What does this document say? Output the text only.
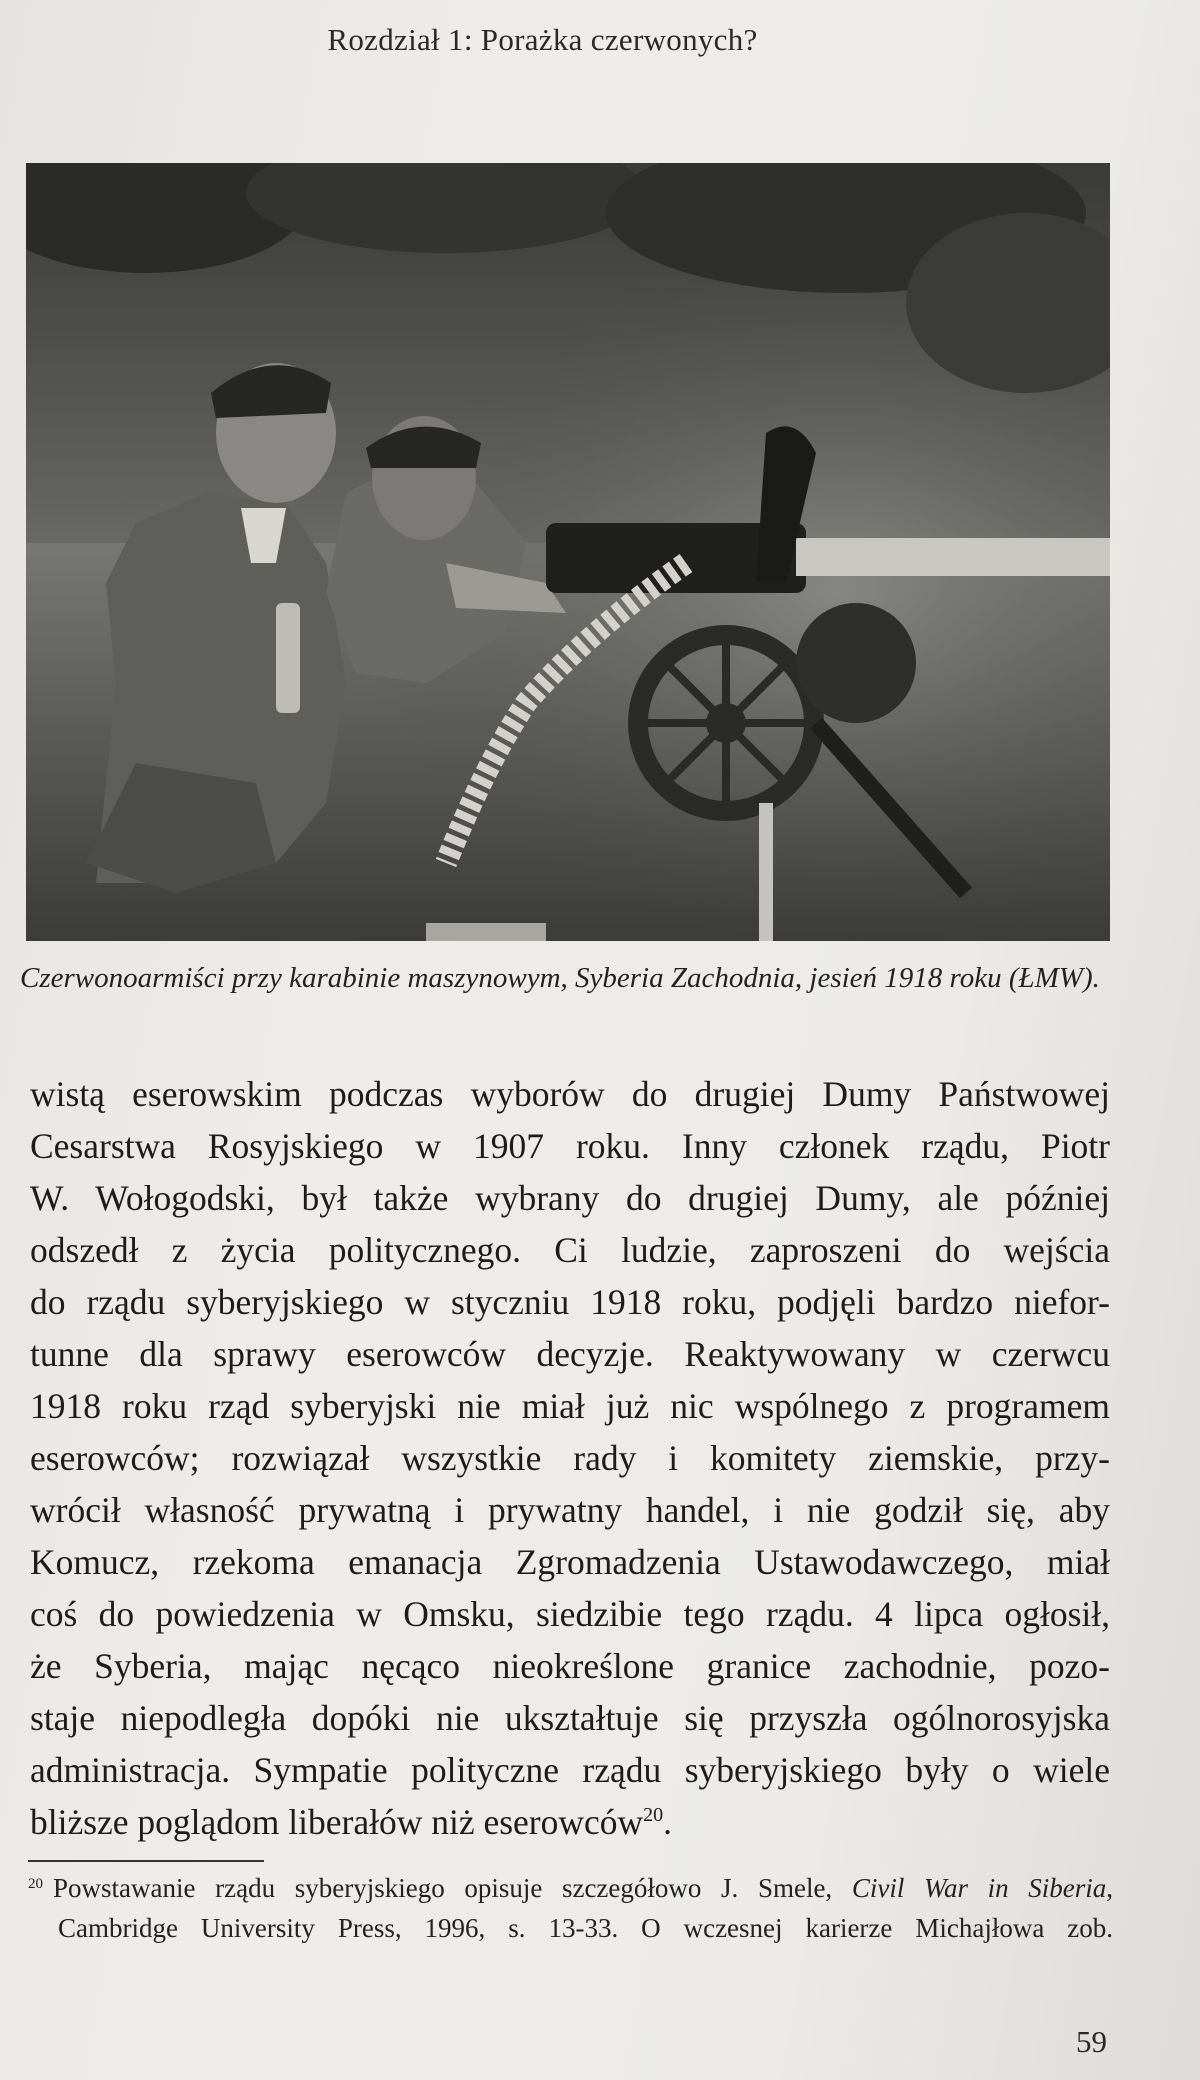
Rozdział 1: Porażka czerwonych?
Czerwonoarmiści przy karabinie maszynowym, Syberia Zachodnia, jesień 1918 roku (ŁMW).
wistą eserowskim podczas wyborów do drugiej Dumy Państwowej
Cesarstwa Rosyjskiego w 1907 roku. Inny członek rządu, Piotr
W. Wołogodski, był także wybrany do drugiej Dumy, ale później
odszedł z życia politycznego. Ci ludzie, zaproszeni do wejścia
do rządu syberyjskiego w styczniu 1918 roku, podjęli bardzo niefor-
tunne dla sprawy eserowców decyzje. Reaktywowany w czerwcu
1918 roku rząd syberyjski nie miał już nic wspólnego z programem
eserowców; rozwiązał wszystkie rady i komitety ziemskie, przy-
wrócił własność prywatną i prywatny handel, i nie godził się, aby
Komucz, rzekoma emanacja Zgromadzenia Ustawodawczego, miał
coś do powiedzenia w Omsku, siedzibie tego rządu. 4 lipca ogłosił,
że Syberia, mając nęcąco nieokreślone granice zachodnie, pozo-
staje niepodległa dopóki nie ukształtuje się przyszła ogólnorosyjska
administracja. Sympatie polityczne rządu syberyjskiego były o wiele
bliższe poglądom liberałów niż eserowców$^{20}$.
$^{20}$ Powstawanie rządu syberyjskiego opisuje szczegółowo J. Smele, Civil War in Siberia,
Cambridge University Press, 1996, s. 13-33. O wczesnej karierze Michajłowa zob.
59
